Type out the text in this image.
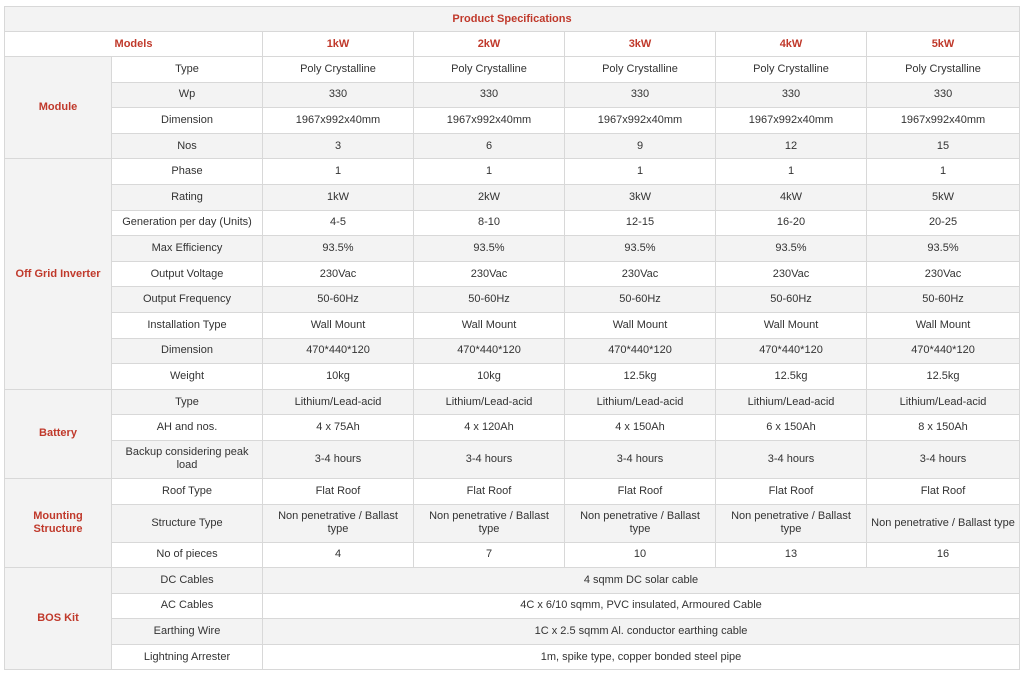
Product Specifications						
Models		1kW	2kW	3kW	4kW	5kW
Module	Type	Poly Crystalline	Poly Crystalline	Poly Crystalline	Poly Crystalline	Poly Crystalline
	Wp	330	330	330	330	330
	Dimension	1967x992x40mm	1967x992x40mm	1967x992x40mm	1967x992x40mm	1967x992x40mm
	Nos	3	6	9	12	15
Off Grid Inverter	Phase	1	1	1	1	1
	Rating	1kW	2kW	3kW	4kW	5kW
	Generation per day (Units)	4-5	8-10	12-15	16-20	20-25
	Max Efficiency	93.5%	93.5%	93.5%	93.5%	93.5%
	Output Voltage	230Vac	230Vac	230Vac	230Vac	230Vac
	Output Frequency	50-60Hz	50-60Hz	50-60Hz	50-60Hz	50-60Hz
	Installation Type	Wall Mount	Wall Mount	Wall Mount	Wall Mount	Wall Mount
	Dimension	470*440*120	470*440*120	470*440*120	470*440*120	470*440*120
	Weight	10kg	10kg	12.5kg	12.5kg	12.5kg
Battery	Type	Lithium/Lead-acid	Lithium/Lead-acid	Lithium/Lead-acid	Lithium/Lead-acid	Lithium/Lead-acid
	AH and nos.	4 x 75Ah	4 x 120Ah	4 x 150Ah	6 x 150Ah	8 x 150Ah
	Backup considering peak load	3-4 hours	3-4 hours	3-4 hours	3-4 hours	3-4 hours
Mounting Structure	Roof Type	Flat Roof	Flat Roof	Flat Roof	Flat Roof	Flat Roof
	Structure Type	Non penetrative / Ballast type	Non penetrative / Ballast type	Non penetrative / Ballast type	Non penetrative / Ballast type	Non penetrative / Ballast type
	No of pieces	4	7	10	13	16
BOS Kit	DC Cables	4 sqmm DC solar cable				
	AC Cables	4C x 6/10 sqmm, PVC insulated, Armoured Cable				
	Earthing Wire	1C x 2.5 sqmm Al. conductor earthing cable				
	Lightning Arrester	1m, spike type, copper bonded steel pipe				
